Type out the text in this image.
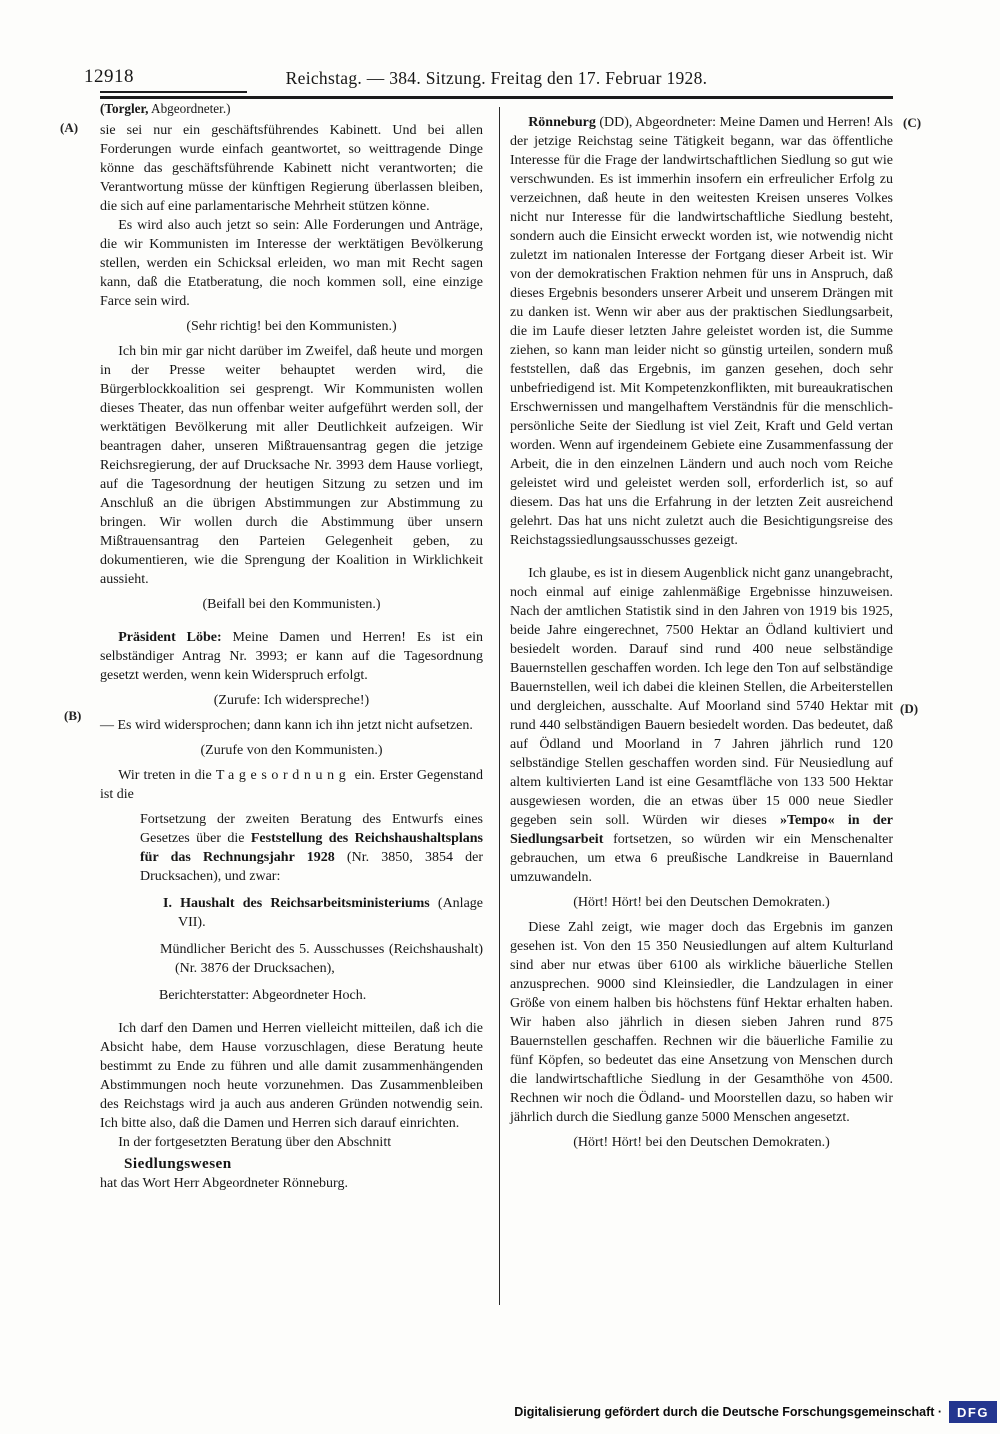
12918	Reichstag. — 384. Sitzung. Freitag den 17. Februar 1928.
(A)
(B)
(C)
(D)

(Torgler, Abgeordneter.)

sie sei nur ein geschäftsführendes Kabinett. Und bei allen Forderungen wurde einfach geantwortet, so weittragende Dinge könne das geschäftsführende Kabinett nicht verantworten; die Verantwortung müsse der künftigen Regierung überlassen bleiben, die sich auf eine parlamentarische Mehrheit stützen könne.

Es wird also auch jetzt so sein: Alle Forderungen und Anträge, die wir Kommunisten im Interesse der werktätigen Bevölkerung stellen, werden ein Schicksal erleiden, wo man mit Recht sagen kann, daß die Etatberatung, die noch kommen soll, eine einzige Farce sein wird.

(Sehr richtig! bei den Kommunisten.)

Ich bin mir gar nicht darüber im Zweifel, daß heute und morgen in der Presse weiter behauptet werden wird, die Bürgerblockkoalition sei gesprengt. Wir Kommunisten wollen dieses Theater, das nun offenbar weiter aufgeführt werden soll, der werktätigen Bevölkerung mit aller Deutlichkeit aufzeigen. Wir beantragen daher, unseren Mißtrauensantrag gegen die jetzige Reichsregierung, der auf Drucksache Nr. 3993 dem Hause vorliegt, auf die Tagesordnung der heutigen Sitzung zu setzen und im Anschluß an die übrigen Abstimmungen zur Abstimmung zu bringen. Wir wollen durch die Abstimmung über unsern Mißtrauensantrag den Parteien Gelegenheit geben, zu dokumentieren, wie die Sprengung der Koalition in Wirklichkeit aussieht.

(Beifall bei den Kommunisten.)

Präsident Löbe: Meine Damen und Herren! Es ist ein selbständiger Antrag Nr. 3993; er kann auf die Tagesordnung gesetzt werden, wenn kein Widerspruch erfolgt.

(Zurufe: Ich widerspreche!)

— Es wird widersprochen; dann kann ich ihn jetzt nicht aufsetzen.

(Zurufe von den Kommunisten.)

Wir treten in die Tagesordnung ein. Erster Gegenstand ist die

Fortsetzung der zweiten Beratung des Entwurfs eines Gesetzes über die Feststellung des Reichshaushaltsplans für das Rechnungsjahr 1928 (Nr. 3850, 3854 der Drucksachen), und zwar:

I. Haushalt des Reichsarbeitsministeriums (Anlage VII).

Mündlicher Bericht des 5. Ausschusses (Reichshaushalt) (Nr. 3876 der Drucksachen),

Berichterstatter: Abgeordneter Hoch.

Ich darf den Damen und Herren vielleicht mitteilen, daß ich die Absicht habe, dem Hause vorzuschlagen, diese Beratung heute bestimmt zu Ende zu führen und alle damit zusammenhängenden Abstimmungen noch heute vorzunehmen. Das Zusammenbleiben des Reichstags wird ja auch aus anderen Gründen notwendig sein. Ich bitte also, daß die Damen und Herren sich darauf einrichten.

In der fortgesetzten Beratung über den Abschnitt

Siedlungswesen

hat das Wort Herr Abgeordneter Rönneburg.

Rönneburg (DD), Abgeordneter: Meine Damen und Herren! Als der jetzige Reichstag seine Tätigkeit begann, war das öffentliche Interesse für die Frage der landwirtschaftlichen Siedlung so gut wie verschwunden. Es ist immerhin insofern ein erfreulicher Erfolg zu verzeichnen, daß heute in den weitesten Kreisen unseres Volkes nicht nur Interesse für die landwirtschaftliche Siedlung besteht, sondern auch die Einsicht erweckt worden ist, wie notwendig nicht zuletzt im nationalen Interesse der Fortgang dieser Arbeit ist. Wir von der demokratischen Fraktion nehmen für uns in Anspruch, daß dieses Ergebnis besonders unserer Arbeit und unserem Drängen mit zu danken ist. Wenn wir aber aus der praktischen Siedlungsarbeit, die im Laufe dieser letzten Jahre geleistet worden ist, die Summe ziehen, so kann man leider nicht so günstig urteilen, sondern muß feststellen, daß das Ergebnis, im ganzen gesehen, doch sehr unbefriedigend ist. Mit Kompetenzkonflikten, mit bureaukratischen Erschwernissen und mangelhaftem Verständnis für die menschlich-persönliche Seite der Siedlung ist viel Zeit, Kraft und Geld vertan worden. Wenn auf irgendeinem Gebiete eine Zusammenfassung der Arbeit, die in den einzelnen Ländern und auch noch vom Reiche geleistet wird und geleistet werden soll, erforderlich ist, so auf diesem. Das hat uns die Erfahrung in der letzten Zeit ausreichend gelehrt. Das hat uns nicht zuletzt auch die Besichtigungsreise des Reichstagssiedlungsausschusses gezeigt.

Ich glaube, es ist in diesem Augenblick nicht ganz unangebracht, noch einmal auf einige zahlenmäßige Ergebnisse hinzuweisen. Nach der amtlichen Statistik sind in den Jahren von 1919 bis 1925, beide Jahre eingerechnet, 7500 Hektar an Ödland kultiviert und besiedelt worden. Darauf sind rund 400 neue selbständige Bauernstellen geschaffen worden. Ich lege den Ton auf selbständige Bauernstellen, weil ich dabei die kleinen Stellen, die Arbeiterstellen und dergleichen, ausschalte. Auf Moorland sind 5740 Hektar mit rund 440 selbständigen Bauern besiedelt worden. Das bedeutet, daß auf Ödland und Moorland in 7 Jahren jährlich rund 120 selbständige Stellen geschaffen worden sind. Für Neusiedlung auf altem kultivierten Land ist eine Gesamtfläche von 133 500 Hektar ausgewiesen worden, die an etwas über 15 000 neue Siedler gegeben sein soll. Würden wir dieses »Tempo« in der Siedlungsarbeit fortsetzen, so würden wir ein Menschenalter gebrauchen, um etwa 6 preußische Landkreise in Bauernland umzuwandeln.

(Hört! Hört! bei den Deutschen Demokraten.)

Diese Zahl zeigt, wie mager doch das Ergebnis im ganzen gesehen ist. Von den 15 350 Neusiedlungen auf altem Kulturland sind aber nur etwas über 6100 als wirkliche bäuerliche Stellen anzusprechen. 9000 sind Kleinsiedler, die Landzulagen in einer Größe von einem halben bis höchstens fünf Hektar erhalten haben. Wir haben also jährlich in diesen sieben Jahren rund 875 Bauernstellen geschaffen. Rechnen wir die bäuerliche Familie zu fünf Köpfen, so bedeutet das eine Ansetzung von Menschen durch die landwirtschaftliche Siedlung in der Gesamthöhe von 4500. Rechnen wir noch die Ödland- und Moorstellen dazu, so haben wir jährlich durch die Siedlung ganze 5000 Menschen angesetzt.

(Hört! Hört! bei den Deutschen Demokraten.)

Digitalisierung gefördert durch die Deutsche Forschungsgemeinschaft ·	DFG
